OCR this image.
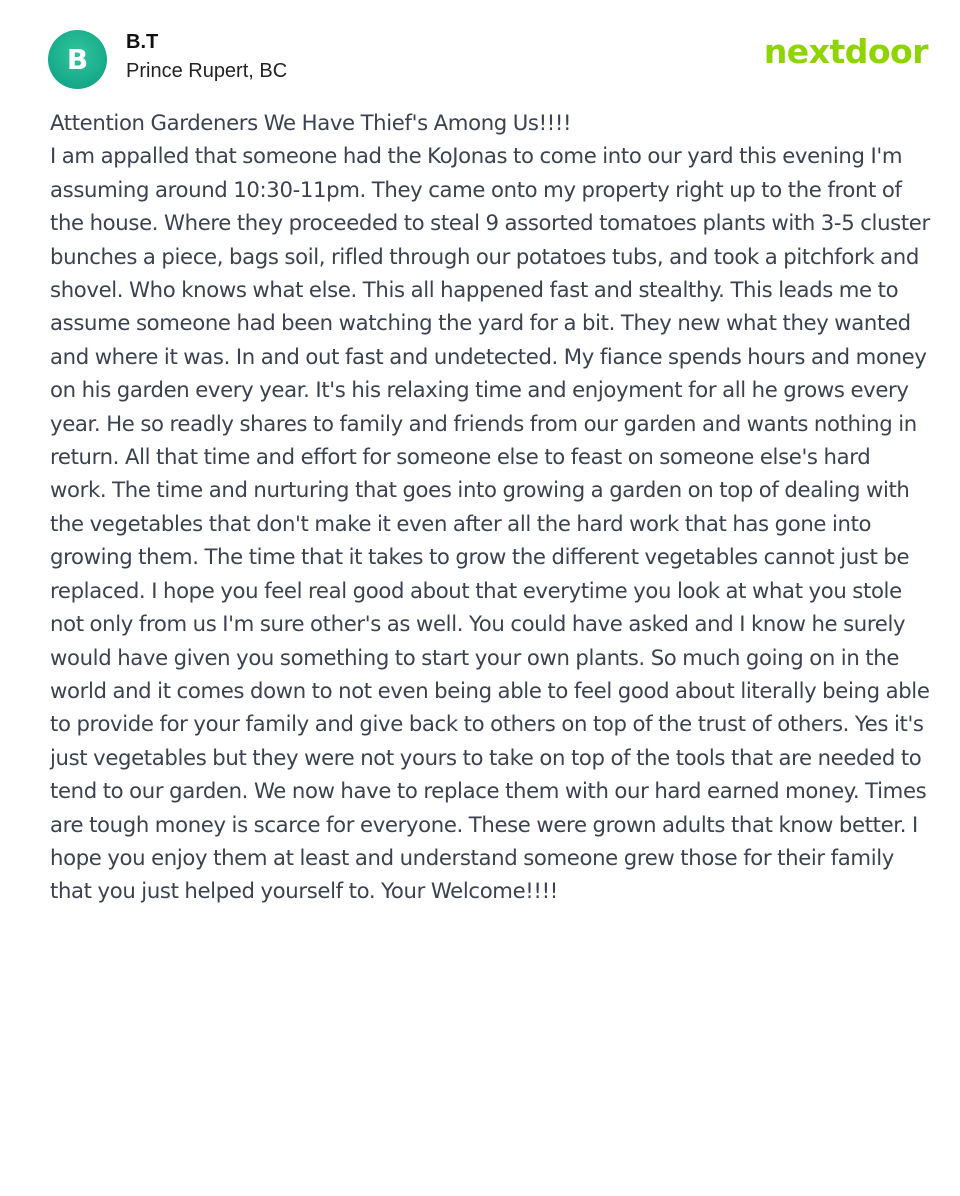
B
B.T
Prince Rupert, BC	nextdoor
Attention Gardeners We Have Thief's Among Us!!!!
I am appalled that someone had the KoJonas to come into our yard this evening I'm assuming around 10:30-11pm. They came onto my property right up to the front of the house. Where they proceeded to steal 9 assorted tomatoes plants with 3-5 cluster bunches a piece, bags soil, rifled through our potatoes tubs, and took a pitchfork and shovel. Who knows what else. This all happened fast and stealthy. This leads me to assume someone had been watching the yard for a bit. They new what they wanted and where it was. In and out fast and undetected. My fiance spends hours and money on his garden every year. It's his relaxing time and enjoyment for all he grows every year. He so readly shares to family and friends from our garden and wants nothing in return. All that time and effort for someone else to feast on someone else's hard work. The time and nurturing that goes into growing a garden on top of dealing with the vegetables that don't make it even after all the hard work that has gone into growing them. The time that it takes to grow the different vegetables cannot just be replaced. I hope you feel real good about that everytime you look at what you stole not only from us I'm sure other's as well. You could have asked and I know he surely would have given you something to start your own plants. So much going on in the world and it comes down to not even being able to feel good about literally being able to provide for your family and give back to others on top of the trust of others. Yes it's just vegetables but they were not yours to take on top of the tools that are needed to tend to our garden. We now have to replace them with our hard earned money. Times are tough money is scarce for everyone. These were grown adults that know better. I hope you enjoy them at least and understand someone grew those for their family that you just helped yourself to. Your Welcome!!!!
